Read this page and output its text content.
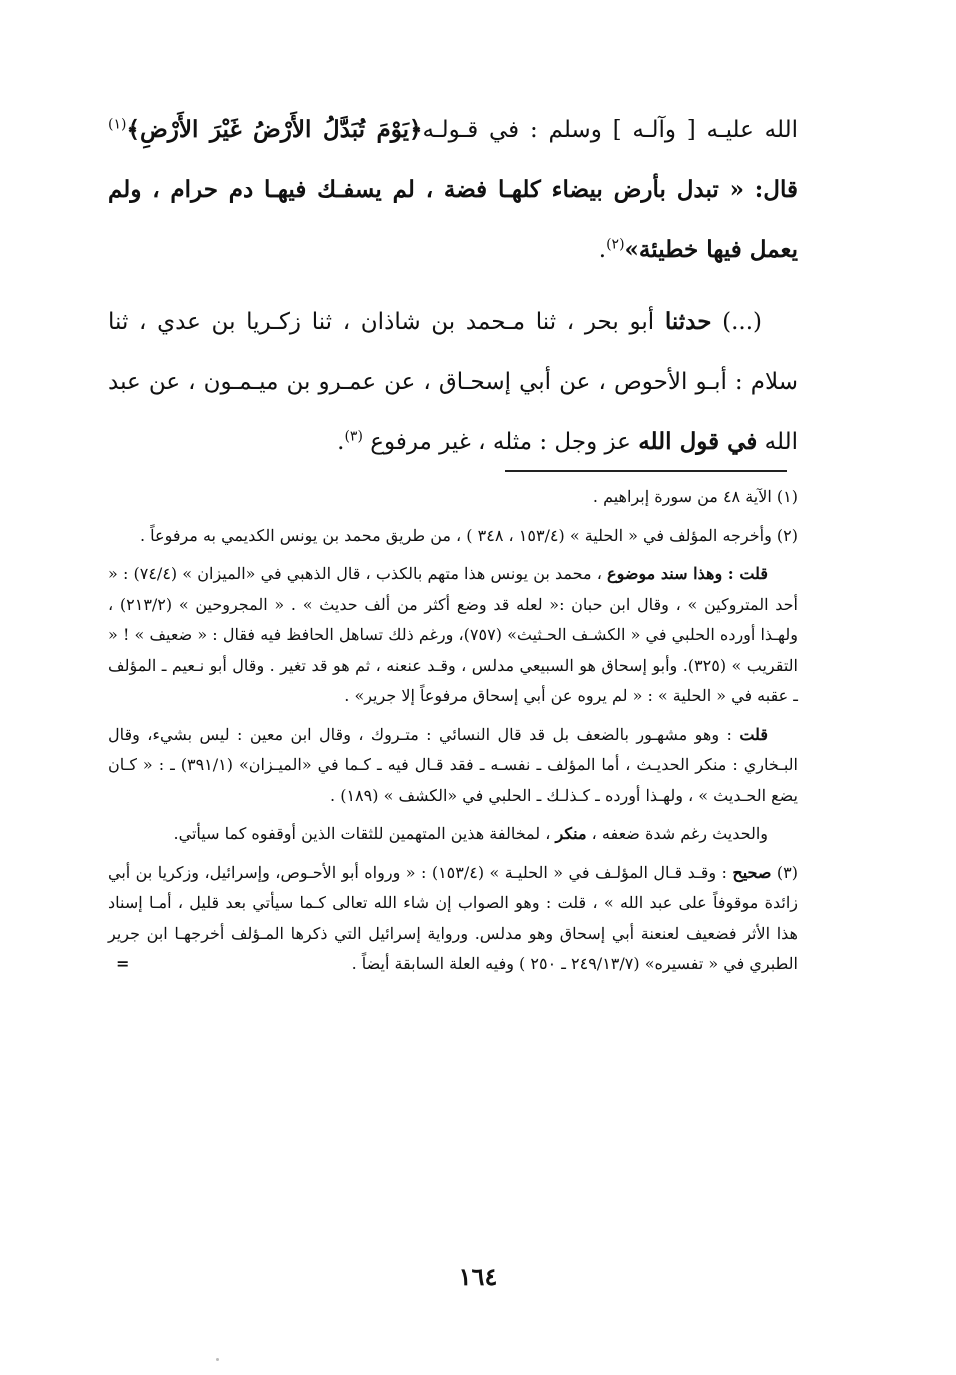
الله عليـه [ وآلـه ] وسلم : في قـولـه﴿يَوْمَ تُبَدَّلُ الأَرْضُ غَيْرَ الأَرْضِ﴾$^{(١)}$ قال: « تبدل بأرض بيضاء كلهـا فضة ، لم يسفـك فيهـا دم حرام ، ولم يعمل فيها خطيئة»$^{(٢)}$.

(...) حدثنا أبو بحر ، ثنا مـحمد بن شاذان ، ثنا زكـريا بن عدي ، ثنا سلام : أبـو الأحوص ، عن أبي إسحـاق ، عن عمـرو بن ميـمـون ، عن عبد الله في قول الله عز وجل : مثله ، غير مرفوع $^{(٣)}$.

(١) الآية ٤٨ من سورة إبراهيم .

(٢) وأخرجه المؤلف في « الحلية » (١٥٣/٤ ، ٣٤٨ ) ، من طريق محمد بن يونس الكديمي به مرفوعاً .

قلت : وهذا سند موضوع ، محمد بن يونس هذا متهم بالكذب ، قال الذهبي في «الميزان » (٧٤/٤) : « أحد المتروكين » ، وقال ابن حبان :« لعله قد وضع أكثر من ألف حديث » . « المجروحين » (٢١٣/٢) ، ولهـذا أورده الحلبي في « الكشـف الحـثيث» (٧٥٧)، ورغم ذلك تساهل الحافظ فيه فقال : « ضعيف » ! « التقريب » (٣٢٥). وأبو إسحاق هو السبيعي مدلس ، وقـد عنعنه ، ثم هو قد تغير . وقال أبو نـعيم ـ المؤلف ـ عقبه في « الحلية » : « لم يروه عن أبي إسحاق مرفوعاً إلا جرير» .

قلت : وهو مشهـور بالضعف بل قد قال النسائي : متـروك ، وقال ابن معين : ليس بشيء، وقال البـخاري : منكر الحديـث ، أما المؤلف ـ نفسـه ـ فقد قـال فيه ـ كـما في «الميـزان» (٣٩١/١) ـ : « كـان يضع الحـديث » ، ولهـذا أورده ـ كـذلـك ـ الحلبي في «الكشف » (١٨٩) .

والحديث رغم شدة ضعفه ، منكر ، لمخالفة هذين المتهمين للثقات الذين أوقفوه كما سيأتي.

(٣) صحيح : وقـد قـال المؤلـف في « الحليـة » (١٥٣/٤) : « ورواه أبو الأحـوص، وإسرائيل، وزكريا بن أبي زائدة موقوفاً على عبد الله » ، قلت : وهو الصواب إن شاء الله تعالى كـما سيأتي بعد قليل ، أمـا إسناد هذا الأثر فضعيف لعنعنة أبي إسحاق وهو مدلس. ورواية إسرائيل التي ذكرها المـؤلف أخرجهـا ابن جرير الطبري في « تفسيره» (٢٤٩/١٣/٧ ـ ٢٥٠ ) وفيه العلة السابقة أيضاً .
=

١٦٤
